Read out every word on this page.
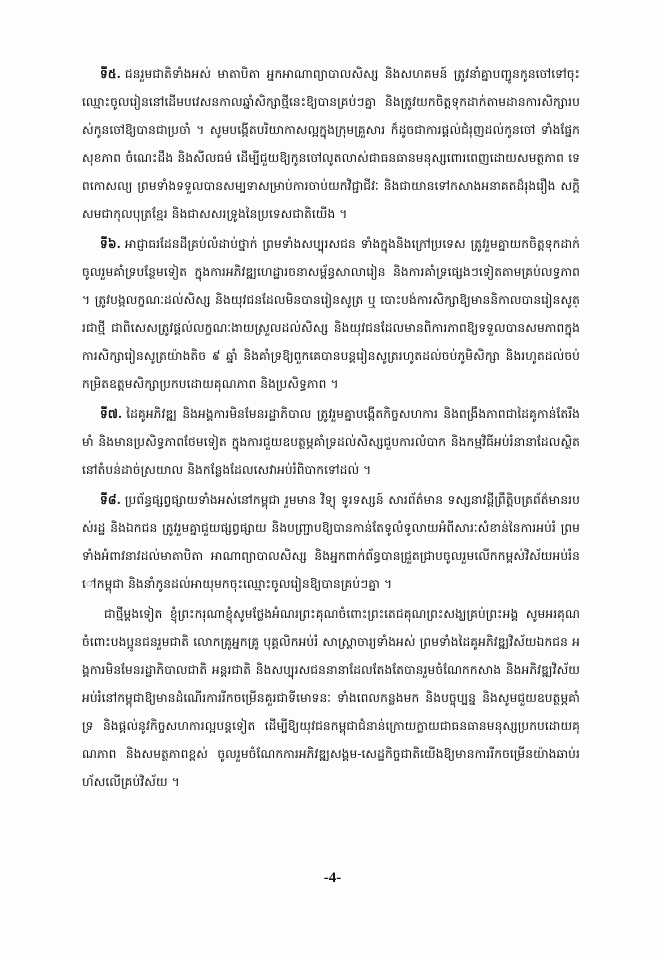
ទី៥. ជនរួមជាតិទាំងអស់ មាតាបិតា អ្នកអាណាព្យាបាលសិស្ស និងសហគមន៍ ត្រូវនាំគ្នាបញ្ជូនកូនចៅទៅចុះឈ្មោះចូលរៀននៅដើមបវេសនកាលឆ្នាំសិក្សាថ្មីនេះឱ្យបានគ្រប់ៗគ្នា និងត្រូវយកចិត្តទុកដាក់តាមដានការសិក្សារបស់កូនចៅឱ្យបានជាប្រចាំ ។ សូមបង្កើតបរិយាកាសល្អក្នុងក្រុមគ្រួសារ ក៏ដូចជាការផ្តល់ជំរុញដល់កូនចៅ ទាំងផ្នែកសុខភាព ចំណេះដឹង និងសីលធម៌ ដើម្បីជួយឱ្យកូនចៅលូតលាស់ជាធនធានមនុស្សពោរពេញដោយសមត្ថភាព ទេពកោសល្យ ព្រមទាំងទទួលបានសម្បទាសម្រាប់ការចាប់យកវិជ្ជាជីវៈ និងជាយានទៅកសាងអនាគតដ៏រុងរឿង សក្តិសមជាកុលបុត្រខ្មែរ និងជាសសរទ្រូងនៃប្រទេសជាតិយើង ។

ទី៦. អាជ្ញាធរដែនដីគ្រប់លំដាប់ថ្នាក់ ព្រមទាំងសប្បុរសជន ទាំងក្នុងនិងក្រៅប្រទេស ត្រូវរួមគ្នាយកចិត្តទុកដាក់ចូលរួមគាំទ្របន្ថែមទៀត ក្នុងការអភិវឌ្ឍហេដ្ឋារចនាសម្ព័ន្ធសាលារៀន និងការគាំទ្រផ្សេងៗទៀតតាមគ្រប់លទ្ធភាព ។ ត្រូវបង្កលក្ខណៈដល់សិស្ស និងយុវជនដែលមិនបានរៀនសូត្រ ឬ បោះបង់ការសិក្សាឱ្យមាននិកាលបានរៀនសូត្រជាថ្មី ជាពិសេសត្រូវផ្តល់លក្ខណៈងាយស្រួលដល់សិស្ស និងយុវជនដែលមានពិការភាពឱ្យទទួលបានសមភាពក្នុងការសិក្សារៀនសូត្រយ៉ាងតិច ៩ ឆ្នាំ និងគាំទ្រឱ្យពួកគេបានបន្តរៀនសូត្ររហូតដល់ចប់ភូមិសិក្សា និងរហូតដល់ចប់កម្រិតឧត្តមសិក្សាប្រកបដោយគុណភាព និងប្រសិទ្ធភាព ។

ទី៧. ដៃគូអភិវឌ្ឍ និងអង្គការមិនមែនរដ្ឋាភិបាល ត្រូវរួមគ្នាបង្កើតកិច្ចសហការ និងពង្រឹងភាពជាដៃគូកាន់តែរឹងមាំ និងមានប្រសិទ្ធភាពថែមទៀត ក្នុងការជួយឧបត្ថម្ភគាំទ្រដល់សិស្សជួបការលំបាក និងកម្មវិធីអប់រំនានាដែលស្ថិតនៅតំបន់ដាច់ស្រយាល និងកន្លែងដែលសេវាអប់រំពិបាកទៅដល់ ។

ទី៨. ប្រព័ន្ធផ្សព្វផ្សាយទាំងអស់នៅកម្ពុជា រួមមាន វិទ្យុ ទូរទស្សន៍ សារព័ត៌មាន ទស្សនាវដ្តីព្រឹត្តិបត្រព័ត៌មានរបស់រដ្ឋ និងឯកជន ត្រូវរួមគ្នាជួយផ្សព្វផ្សាយ និងបញ្ជ្រាបឱ្យបានកាន់តែទូលំទូលាយអំពីសារៈសំខាន់នៃការអប់រំ ព្រមទាំងអំពាវនាវដល់មាតាបិតា អាណាព្យាបាលសិស្ស និងអ្នកពាក់ព័ន្ធបានជ្រួតជ្រាបចូលរួមលើកកម្ពស់វិស័យអប់រំនៅកម្ពុជា និងនាំកូនដល់អាយុមកចុះឈ្មោះចូលរៀនឱ្យបានគ្រប់ៗគ្នា ។

ជាថ្មីម្តងទៀត ខ្ញុំព្រះករុណាខ្ញុំសូមថ្លែងអំណរព្រះគុណចំពោះព្រះតេជគុណព្រះសង្ឃគ្រប់ព្រះអង្គ សូមអរគុណចំពោះបងប្អូនជនរួមជាតិ លោកគ្រូអ្នកគ្រូ បុគ្គលិកអប់រំ សាស្ត្រាចារ្យទាំងអស់ ព្រមទាំងដៃគូអភិវឌ្ឍវិស័យឯកជន អង្គការមិនមែនរដ្ឋាភិបាលជាតិ អន្តរជាតិ និងសប្បុរសជននានាដែលតែងតែបានរួមចំណែកកសាង និងអភិវឌ្ឍវិស័យអប់រំនៅកម្ពុជាឱ្យមានដំណើរការរីកចម្រើនគួរជាទីមោទនៈ ទាំងពេលកន្លងមក និងបច្ចុប្បន្ន និងសូមជួយឧបត្ថម្ភគាំទ្រ និងផ្តល់នូវកិច្ចសហការល្អបន្តទៀត ដើម្បីឱ្យយុវជនកម្ពុជាជំនាន់ក្រោយក្លាយជាធនធានមនុស្សប្រកបដោយគុណភាព និងសមត្ថភាពខ្ពស់ ចូលរួមចំណែកការអភិវឌ្ឍសង្គម-សេដ្ឋកិច្ចជាតិយើងឱ្យមានការរីកចម្រើនយ៉ាងឆាប់រហ័សលើគ្រប់វិស័យ ។

-4-
